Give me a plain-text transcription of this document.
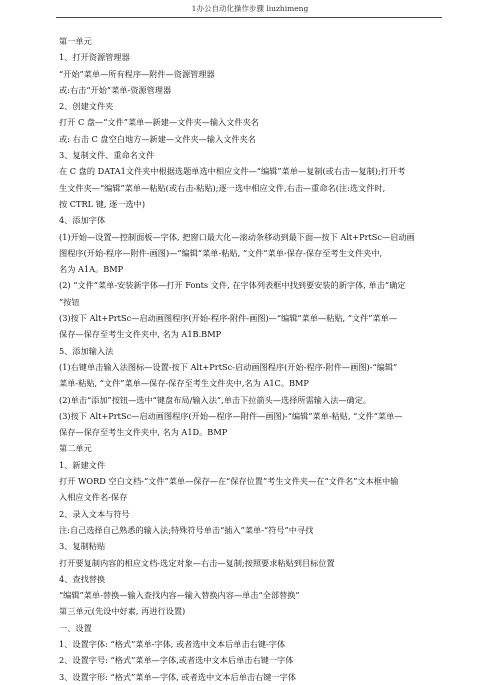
1办公自动化操作步骤 liuzhimeng
第一单元
1、打开资源管理器
“开始”菜单—所有程序—附件—资源管理器
或:右击“开始”菜单-资源管理器
2、创建文件夹
打开 C 盘—“文件”菜单—新建—文件夹—输入文件夹名
或: 右击 C 盘空白地方—新建—文件夹—输入文件夹名
3、复制文件、重命名文件
在 C 盘的 DATA1文件夹中根据选题单选中相应文件—“编辑”菜单—复制(或右击—复制);打开考
生文件夹—“编辑”菜单—粘贴(或右击-粘贴);逐一选中相应文件,右击—重命名(注:选文件时,
按 CTRL 键, 逐一选中)
4、添加字体
(1)开始—设置—控制面板—字体, 把窗口最大化—滚动条移动到最下面—按下 Alt+PrtSc—启动画
图程序(开始-程序—附件-画图)—“编辑”菜单-粘贴, “文件”菜单-保存-保存至考生文件夹中,
名为 A1A。BMP
(2) “文件”菜单-安装新字体—打开 Fonts 文件, 在字体列表框中找到要安装的新字体, 单击“确定
”按钮
(3)按下 Alt+PrtSc—启动画图程序(开始-程序-附件-画图)—“编辑”菜单—粘贴, “文件”菜单—
保存—保存至考生文件夹中, 名为 A1B.BMP
5、添加输入法
(1)右键单击输入法图标—设置-按下 Alt+PrtSc-启动画图程序(开始-程序-附件—画图)-“编辑”
菜单-粘贴, “文件”菜单—保存-保存至考生文件夹中,名为 A1C。BMP
(2)单击“添加”按钮—选中“键盘布局/输入法”,单击下拉箭头—选择所需输入法—确定。
(3)按下 Alt+PrtSc—启动画图程序(开始—程序—附件—画图)-“编辑”菜单-粘贴, “文件”菜单—
保存—保存至考生文件夹中, 名为 A1D。BMP
第二单元
1、新建文件
打开 WORD 空白文档-“文件”菜单—保存—在“保存位置”考生文件夹—在“文件名”文本框中输
入相应文件名-保存
2、录入文本与符号
注:自己选择自己熟悉的输入法;特殊符号单击“插入”菜单-“符号”中寻找
3、复制粘贴
打开要复制内容的相应文档-选定对象—右击—复制;按照要求粘贴到目标位置
4、查找替换
“编辑”菜单-替换—输入查找内容—输入替换内容—单击“全部替换”
第三单元(先设中好素, 再进行设置)
一、设置
1、设置字体: “格式”菜单-字体, 或者选中文本后单击右键-字体
2、设置字号: “格式”菜单—字体,或者选中文本后单击右键一字体
3、设置字形: “格式”菜单—字体, 或者选中文本后单击右键一字体
